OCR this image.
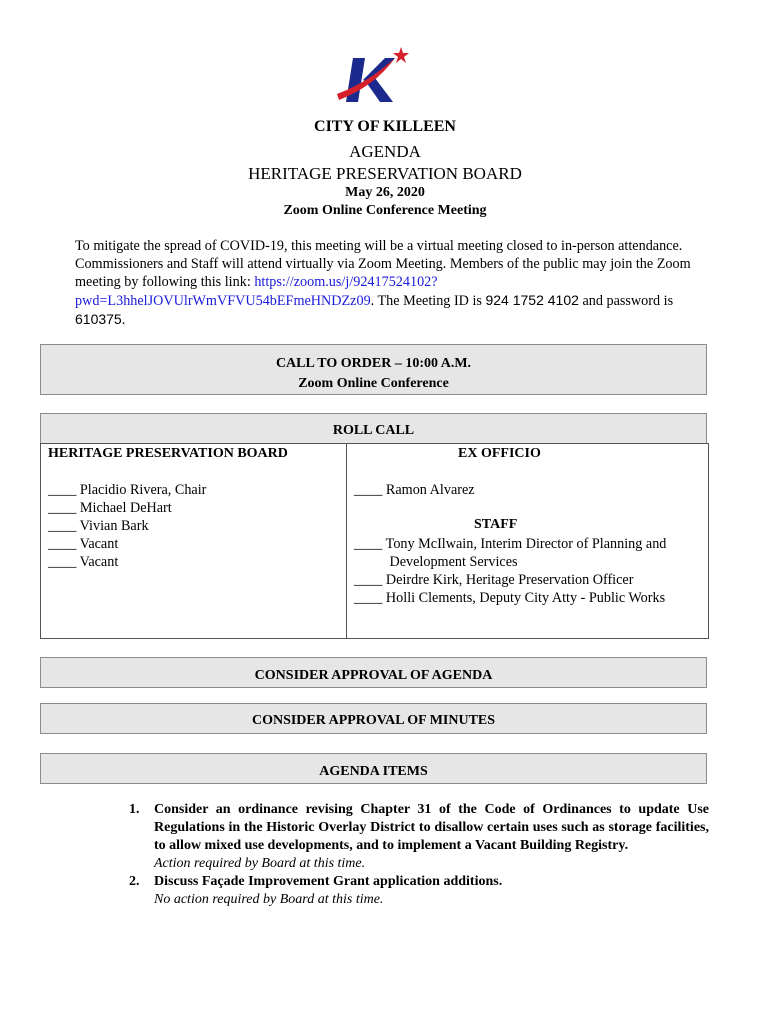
CITY OF KILLEEN
AGENDA
HERITAGE PRESERVATION BOARD
May 26, 2020
Zoom Online Conference Meeting
To mitigate the spread of COVID-19, this meeting will be a virtual meeting closed to in-person attendance. Commissioners and Staff will attend virtually via Zoom Meeting. Members of the public may join the Zoom meeting by following this link: https://zoom.us/j/92417524102?pwd=L3hhelJOVUlrWmVFVU54bEFmeHNDZz09. The Meeting ID is 924 1752 4102 and password is 610375.
CALL TO ORDER – 10:00 A.M.
Zoom Online Conference
ROLL CALL
HERITAGE PRESERVATION BOARD	EX OFFICIO
____ Placidio Rivera, Chair
____ Michael DeHart
____ Vivian Bark
____ Vacant
____ Vacant
____ Ramon Alvarez
STAFF
____ Tony McIlwain, Interim Director of Planning and
Development Services
____ Deirdre Kirk, Heritage Preservation Officer
____ Holli Clements, Deputy City Atty - Public Works
CONSIDER APPROVAL OF AGENDA
CONSIDER APPROVAL OF MINUTES
AGENDA ITEMS
1.	Consider an ordinance revising Chapter 31 of the Code of Ordinances to update Use Regulations in the Historic Overlay District to disallow certain uses such as storage facilities, to allow mixed use developments, and to implement a Vacant Building Registry.
Action required by Board at this time.
2.	Discuss Façade Improvement Grant application additions.
No action required by Board at this time.
